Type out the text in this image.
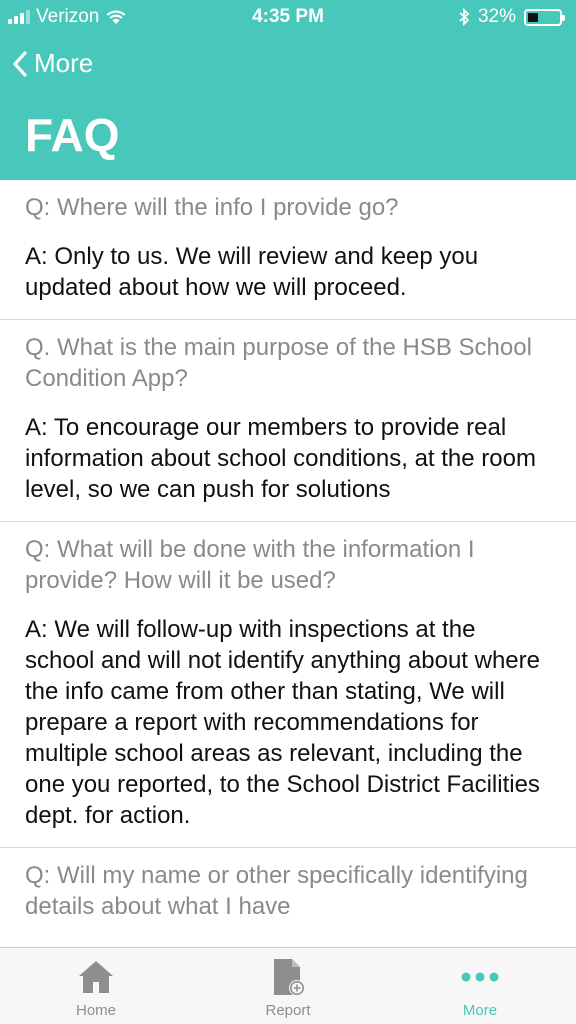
Verizon	4:35 PM	32%
More
FAQ

Q: Where will the info I provide go?

A: Only to us. We will review and keep you updated about how we will proceed.

Q. What is the main purpose of the HSB School Condition App?

A: To encourage our members to provide real information about school conditions, at the room level, so we can push for solutions

Q: What will be done with the information I provide? How will it be used?

A: We will follow-up with inspections at the school and will not identify anything about where the info came from other than stating, We will prepare a report with recommendations for multiple school areas as relevant, including the one you reported, to the School District Facilities dept. for action.

Q: Will my name or other specifically identifying details about what I have

Home	Report	More
